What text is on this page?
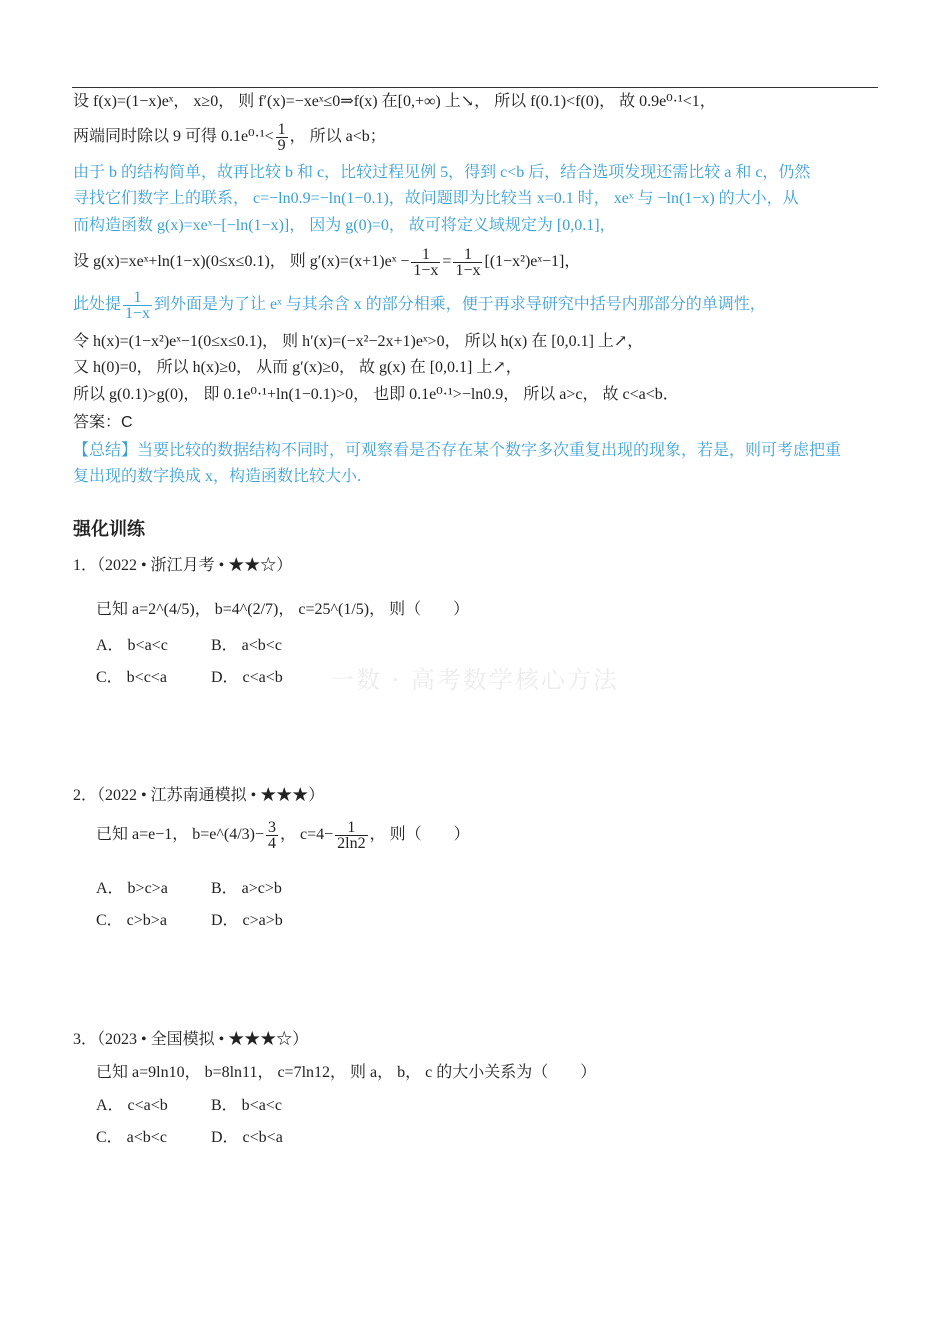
设 f(x)=(1−x)eˣ， x≥0， 则 f′(x)=−xeˣ≤0⇒f(x) 在[0,+∞) 上↘， 所以 f(0.1)<f(0)， 故 0.9e⁰·¹<1，
两端同时除以 9 可得 $0.1e^0\cdot^1< \frac{1}{9}$ ， 所以 a<b；
由于 b 的结构简单，故再比较 b 和 c，比较过程见例 5，得到 c<b 后，结合选项发现还需比较 a 和 c，仍然
寻找它们数字上的联系， c=−ln0.9=−ln(1−0.1)，故问题即为比较当 x=0.1 时， xeˣ 与 −ln(1−x) 的大小，从
而构造函数 g(x)=xeˣ−[−ln(1−x)]， 因为 g(0)=0， 故可将定义域规定为 [0,0.1]，
设 g(x)=xeˣ+ln(1−x)(0≤x≤0.1)， 则 g′(x)=(x+1)eˣ − $\frac{1}{1-x} = \frac{1}{1-x}$ [(1−x²)eˣ−1]，
此处提 $\frac{1}{1-x}$ 到外面是为了让 eˣ 与其余含 x 的部分相乘，便于再求导研究中括号内那部分的单调性，
令 h(x)=(1−x²)eˣ−1(0≤x≤0.1)， 则 h′(x)=(−x²−2x+1)eˣ>0， 所以 h(x) 在 [0,0.1] 上↗，
又 h(0)=0， 所以 h(x)≥0， 从而 g′(x)≥0， 故 g(x) 在 [0,0.1] 上↗，
所以 g(0.1)>g(0)， 即 0.1e⁰·¹+ln(1−0.1)>0， 也即 0.1e⁰·¹>−ln0.9， 所以 a>c， 故 c<a<b．
答案：C
【总结】当要比较的数据结构不同时，可观察看是否存在某个数字多次重复出现的现象，若是，则可考虑把重
复出现的数字换成 x，构造函数比较大小.
强化训练
一数 · 高考数学核心方法
1．（2022 • 浙江月考 • ★★☆）
已知 a=2^(4/5)， b=4^(2/7)， c=25^(1/5)， 则（　　）
A． b<a<c	B． a<b<c
C． b<c<a	D． c<a<b
2．（2022 • 江苏南通模拟 • ★★★）
已知 a=e−1， b=e^(4/3)− $\frac{3}{4}$ ， $c=4- \frac{1}{2\ln 2}$ ， 则（　　）
A． b>c>a	B． a>c>b
C． c>b>a	D． c>a>b
3．（2023 • 全国模拟 • ★★★☆）
已知 a=9ln10， b=8ln11， c=7ln12， 则 a， b， c 的大小关系为（　　）
A． c<a<b	B． b<a<c
C． a<b<c	D． c<b<a
